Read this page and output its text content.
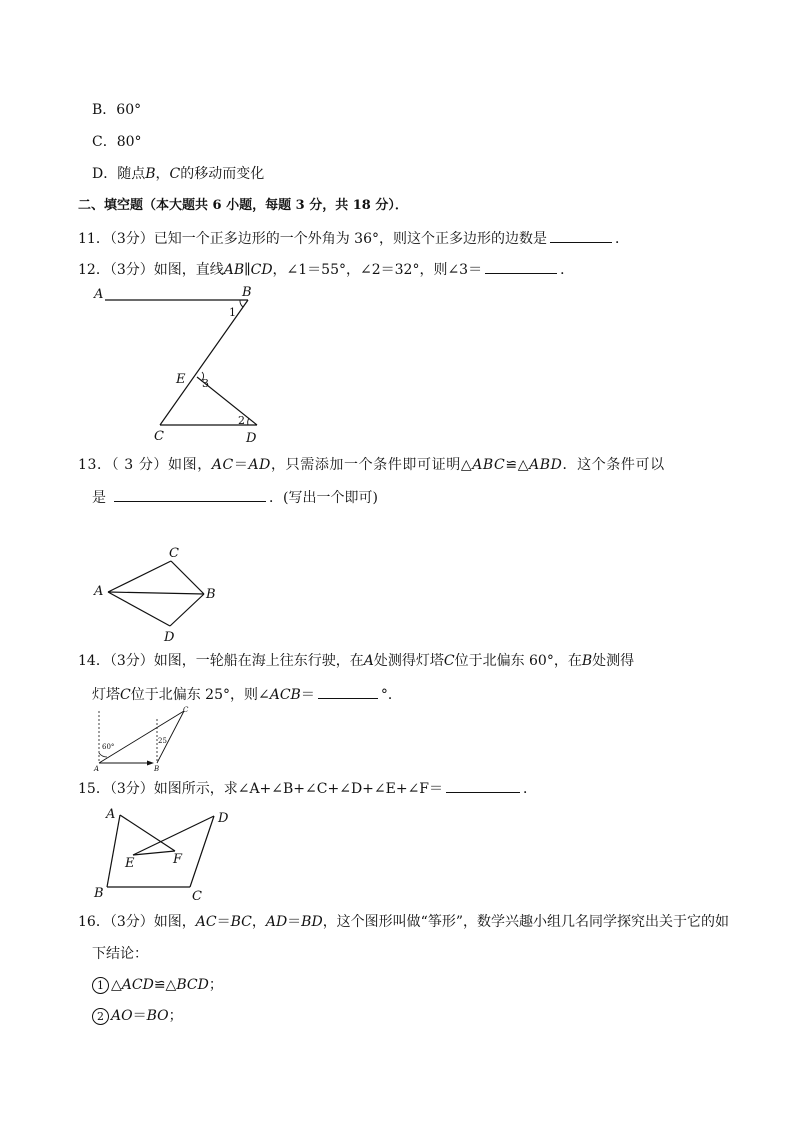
B．60°
C．80°
D．随点B，C的移动而变化
二、填空题（本大题共 6 小题，每题 3 分，共 18 分）．
11．（3分）已知一个正多边形的一个外角为 36°，则这个正多边形的边数是	．
12．（3分）如图，直线AB∥CD，∠1＝55°，∠2＝32°，则∠3＝	．
A	B
C	D
E
1
2
3
13．（ 3 分）如图，AC＝AD，只需添加一个条件即可证明△ABC≌△ABD．这个条件可以
是	．(写出一个即可)
A
C
B
D
14．（3分）如图，一轮船在海上往东行驶，在A处测得灯塔C位于北偏东 60°，在B处测得
灯塔C位于北偏东 25°，则∠ACB＝	°．
60°
25
A	B
C
15．（3分）如图所示，求∠A+∠B+∠C+∠D+∠E+∠F＝	．
A
B	C
D
E	F
16．（3分）如图，AC＝BC，AD＝BD，这个图形叫做“筝形”，数学兴趣小组几名同学探究出关于它的如
下结论：
1 △ACD≌△BCD；
2 AO＝BO；
